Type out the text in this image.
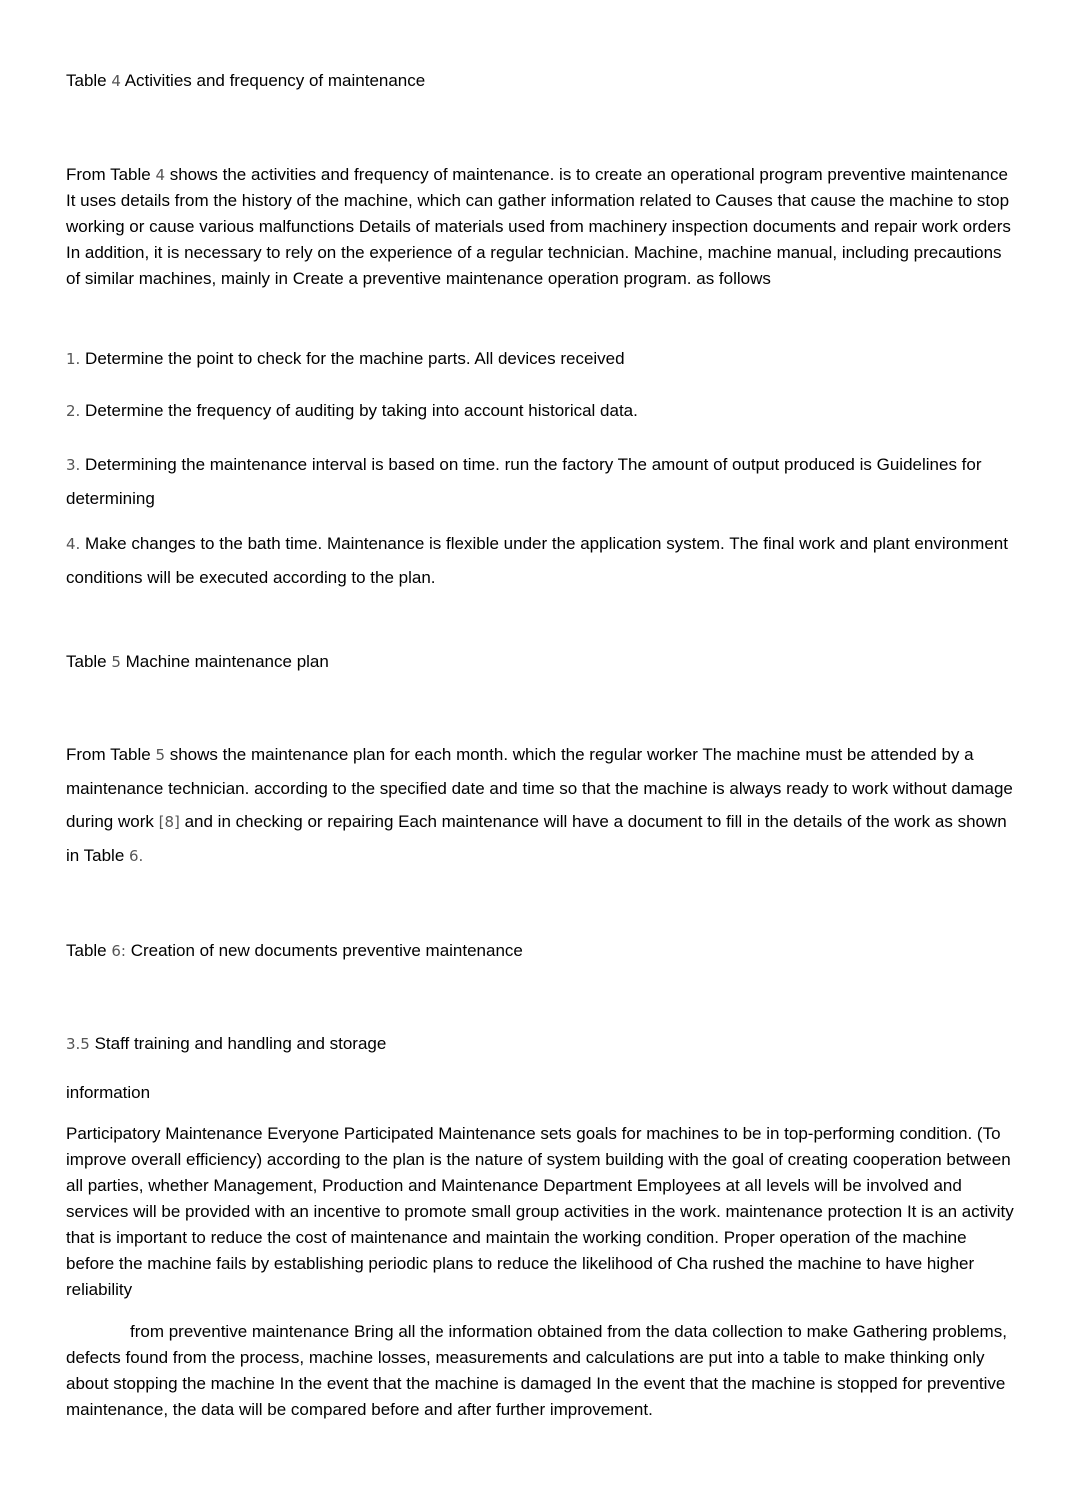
Table 4 Activities and frequency of maintenance

From Table 4 shows the activities and frequency of maintenance. is to create an operational program preventive maintenance It uses details from the history of the machine, which can gather information related to Causes that cause the machine to stop working or cause various malfunctions Details of materials used from machinery inspection documents and repair work orders In addition, it is necessary to rely on the experience of a regular technician. Machine, machine manual, including precautions of similar machines, mainly in Create a preventive maintenance operation program. as follows

1. Determine the point to check for the machine parts. All devices received

2. Determine the frequency of auditing by taking into account historical data.

3. Determining the maintenance interval is based on time. run the factory The amount of output produced is Guidelines for determining

4. Make changes to the bath time. Maintenance is flexible under the application system. The final work and plant environment conditions will be executed according to the plan.

Table 5 Machine maintenance plan

From Table 5 shows the maintenance plan for each month. which the regular worker The machine must be attended by a maintenance technician. according to the specified date and time so that the machine is always ready to work without damage during work [8] and in checking or repairing Each maintenance will have a document to fill in the details of the work as shown in Table 6.

Table 6: Creation of new documents preventive maintenance

3.5 Staff training and handling and storage

information

Participatory Maintenance Everyone Participated Maintenance sets goals for machines to be in top-performing condition. (To improve overall efficiency) according to the plan is the nature of system building with the goal of creating cooperation between all parties, whether Management, Production and Maintenance Department Employees at all levels will be involved and services will be provided with an incentive to promote small group activities in the work. maintenance protection It is an activity that is important to reduce the cost of maintenance and maintain the working condition. Proper operation of the machine before the machine fails by establishing periodic plans to reduce the likelihood of Cha rushed the machine to have higher reliability

from preventive maintenance Bring all the information obtained from the data collection to make Gathering problems, defects found from the process, machine losses, measurements and calculations are put into a table to make thinking only about stopping the machine In the event that the machine is damaged In the event that the machine is stopped for preventive maintenance, the data will be compared before and after further improvement.
